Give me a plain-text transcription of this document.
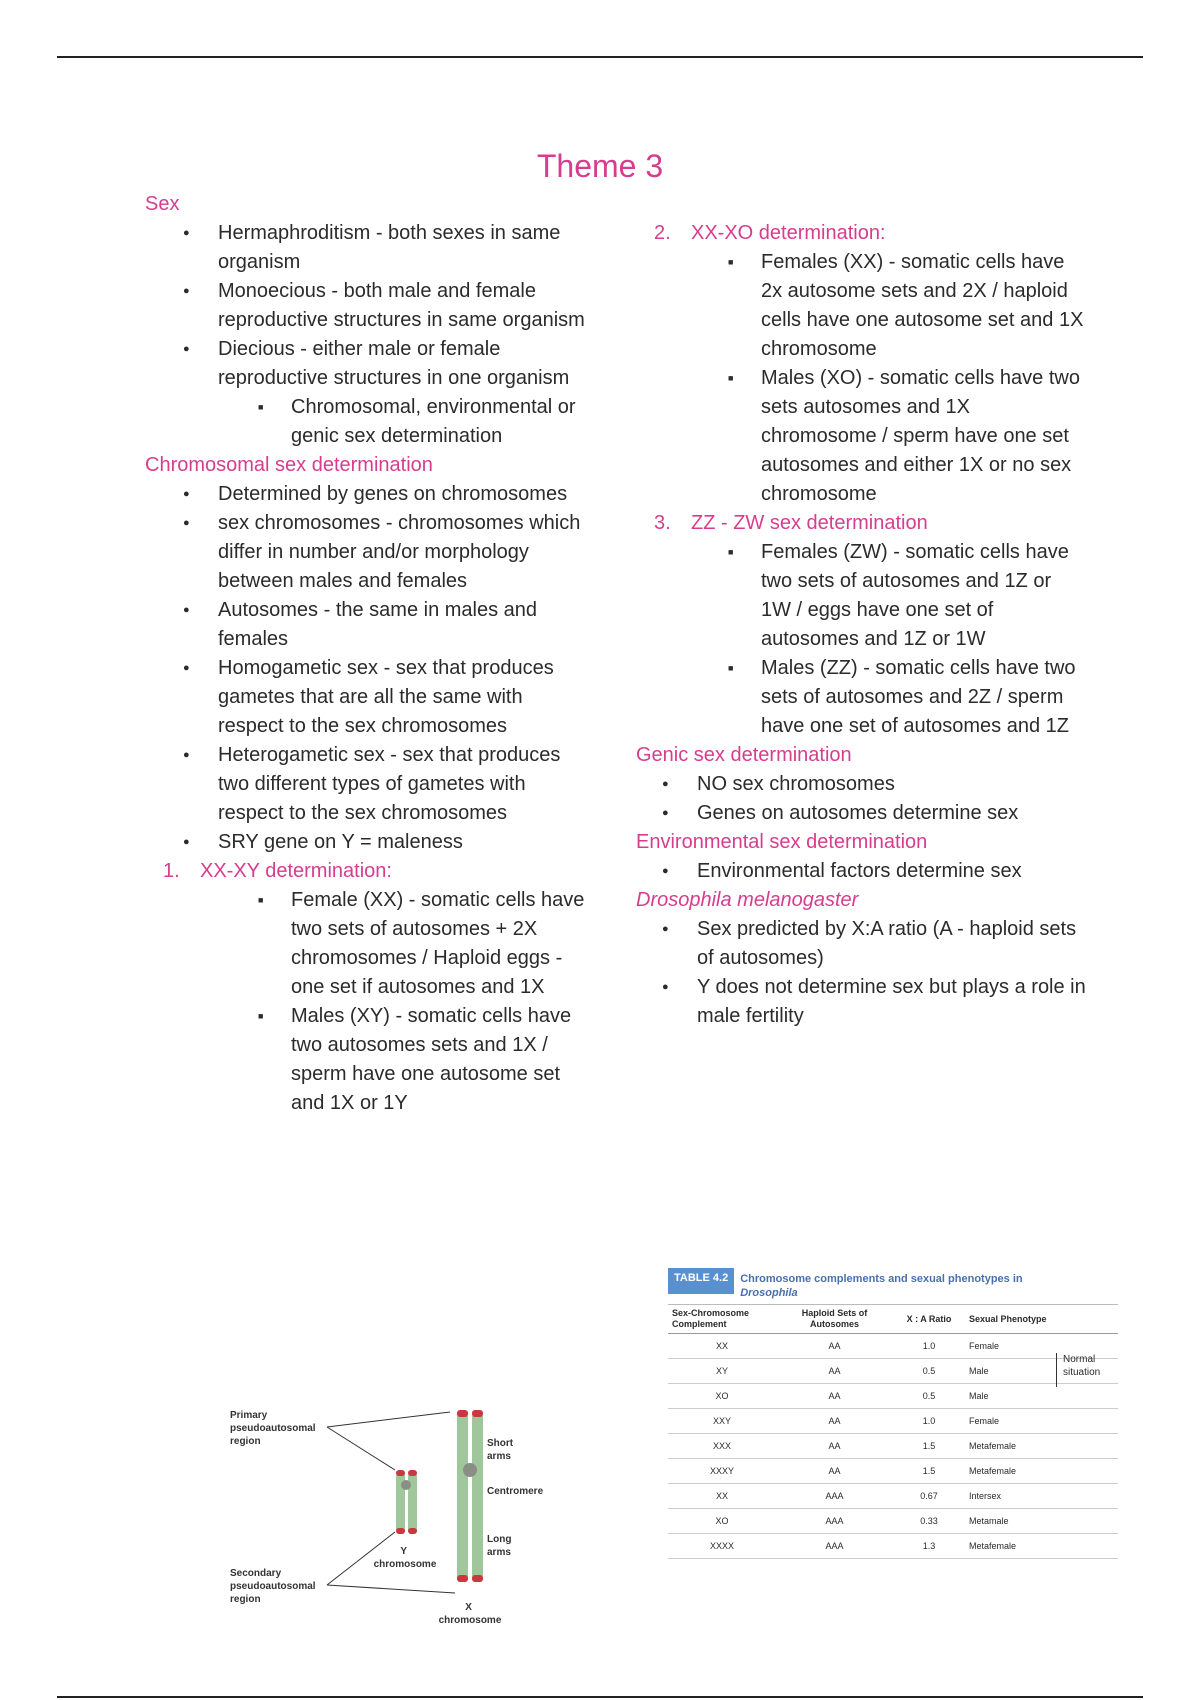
Theme 3
Sex
● Hermaphroditism - both sexes in same organism
● Monoecious - both male and female reproductive structures in same organism
● Diecious - either male or female reproductive structures in one organism
■ Chromosomal, environmental or genic sex determination
Chromosomal sex determination
● Determined by genes on chromosomes
● sex chromosomes - chromosomes which differ in number and/or morphology between males and females
● Autosomes - the same in males and females
● Homogametic sex - sex that produces gametes that are all the same with respect to the sex chromosomes
● Heterogametic sex - sex that produces two different types of gametes with respect to the sex chromosomes
● SRY gene on Y = maleness
1. XX-XY determination:
■ Female (XX) - somatic cells have two sets of autosomes + 2X chromosomes / Haploid eggs - one set if autosomes and 1X
■ Males (XY) - somatic cells have two autosomes sets and 1X / sperm have one autosome set and 1X or 1Y
2. XX-XO determination:
■ Females (XX) - somatic cells have 2x autosome sets and 2X / haploid cells have one autosome set and 1X chromosome
■ Males (XO) - somatic cells have two sets autosomes and 1X chromosome / sperm have one set autosomes and either 1X or no sex chromosome
3. ZZ - ZW sex determination
■ Females (ZW) - somatic cells have two sets of autosomes and 1Z or 1W / eggs have one set of autosomes and 1Z or 1W
■ Males (ZZ) - somatic cells have two sets of autosomes and 2Z / sperm have one set of autosomes and 1Z
Genic sex determination
● NO sex chromosomes
● Genes on autosomes determine sex
Environmental sex determination
● Environmental factors determine sex
Drosophila melanogaster
● Sex predicted by X:A ratio (A - haploid sets of autosomes)
● Y does not determine sex but plays a role in male fertility
TABLE 4.2	Chromosome complements and sexual phenotypes in
Drosophila
Sex-Chromosome Complement	Haploid Sets of Autosomes	X : A Ratio	Sexual Phenotype
XX	AA	1.0	Female
XY	AA	0.5	Male
XO	AA	0.5	Male
XXY	AA	1.0	Female
XXX	AA	1.5	Metafemale
XXXY	AA	1.5	Metafemale
XX	AAA	0.67	Intersex
XO	AAA	0.33	Metamale
XXXX	AAA	1.3	Metafemale
Normal situation
Primary pseudoautosomal region
Secondary pseudoautosomal region
Short arms
Centromere
Long arms
Y chromosome
X chromosome
